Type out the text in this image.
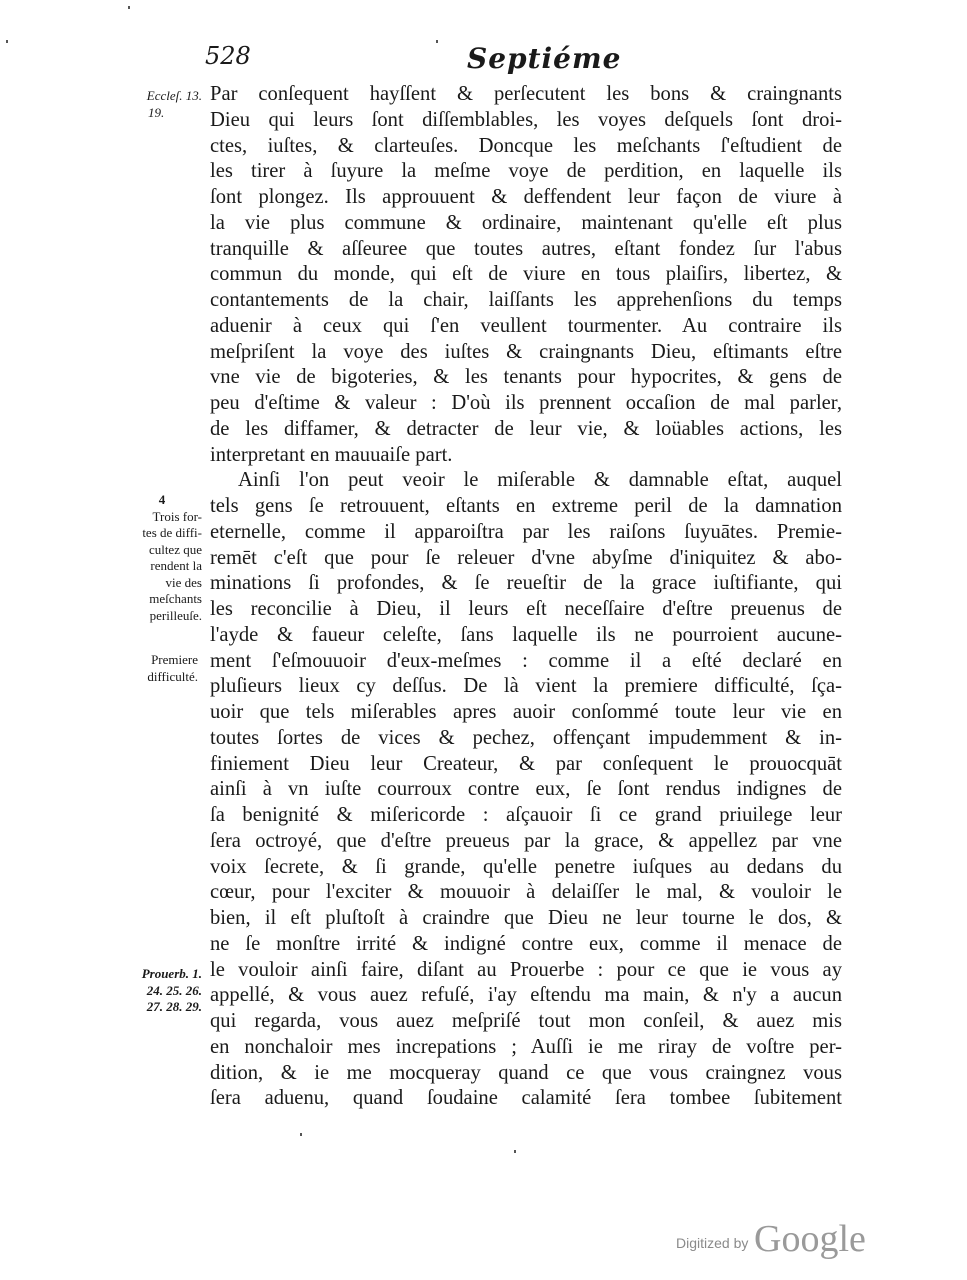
528	Septiéme
Par conſequent hayſſent & perſecutent les bons & craingnants
Dieu qui leurs ſont diſſemblables, les voyes deſquels ſont droi-
ctes, iuſtes, & clarteuſes. Doncque les meſchants ſ'eſtudient de
les tirer à ſuyure la meſme voye de perdition, en laquelle ils
ſont plongez. Ils approuuent & deffendent leur façon de viure à
la vie plus commune & ordinaire, maintenant qu'elle eſt plus
tranquille & aſſeuree que toutes autres, eſtant fondez ſur l'abus
commun du monde, qui eſt de viure en tous plaiſirs, libertez, &
contantements de la chair, laiſſants les apprehenſions du temps
aduenir à ceux qui ſ'en veullent tourmenter. Au contraire ils
meſpriſent la voye des iuſtes & craingnants Dieu, eſtimants eſtre
vne vie de bigoteries, & les tenants pour hypocrites, & gens de
peu d'eſtime & valeur : D'où ils prennent occaſion de mal parler,
de les diffamer, & detracter de leur vie, & loüables actions, les
interpretant en mauuaiſe part.
Ainſi l'on peut veoir le miſerable & damnable eſtat, auquel
tels gens ſe retrouuent, eſtants en extreme peril de la damnation
eternelle, comme il apparoiſtra par les raiſons ſuyuātes. Premie-
remēt c'eſt que pour ſe releuer d'vne abyſme d'iniquitez & abo-
minations ſi profondes, & ſe reueſtir de la grace iuſtifiante, qui
les reconcilie à Dieu, il leurs eſt neceſſaire d'eſtre preuenus de
l'ayde & faueur celeſte, ſans laquelle ils ne pourroient aucune-
ment ſ'eſmouuoir d'eux-meſmes : comme il a eſté declaré en
pluſieurs lieux cy deſſus. De là vient la premiere difficulté, ſça-
uoir que tels miſerables apres auoir conſommé toute leur vie en
toutes ſortes de vices & pechez, offençant impudemment & in-
finiement Dieu leur Createur, & par conſequent le prouocquāt
ainſi à vn iuſte courroux contre eux, ſe ſont rendus indignes de
ſa benignité & miſericorde : aſçauoir ſi ce grand priuilege leur
ſera octroyé, que d'eſtre preueus par la grace, & appellez par vne
voix ſecrete, & ſi grande, qu'elle penetre iuſques au dedans du
cœur, pour l'exciter & mouuoir à delaiſſer le mal, & vouloir le
bien, il eſt pluſtoſt à craindre que Dieu ne leur tourne le dos, &
ne ſe monſtre irrité & indigné contre eux, comme il menace de
le vouloir ainſi faire, diſant au Prouerbe : pour ce que ie vous ay
appellé, & vous auez refuſé, i'ay eſtendu ma main, & n'y a aucun
qui regarda, vous auez meſpriſé tout mon conſeil, & auez mis
en nonchaloir mes increpations ; Auſſi ie me riray de voſtre per-
dition, & ie me mocqueray quand ce que vous craingnez vous
ſera aduenu, quand ſoudaine calamité ſera tombee ſubitement
Eccleſ. 13.
19.
4
Trois for-
tes de diffi-
cultez que
rendent la
vie des
meſchants
perilleuſe.
Premiere
difficulté.
Prouerb. 1.
24. 25. 26.
27. 28. 29.
Digitized by Google
